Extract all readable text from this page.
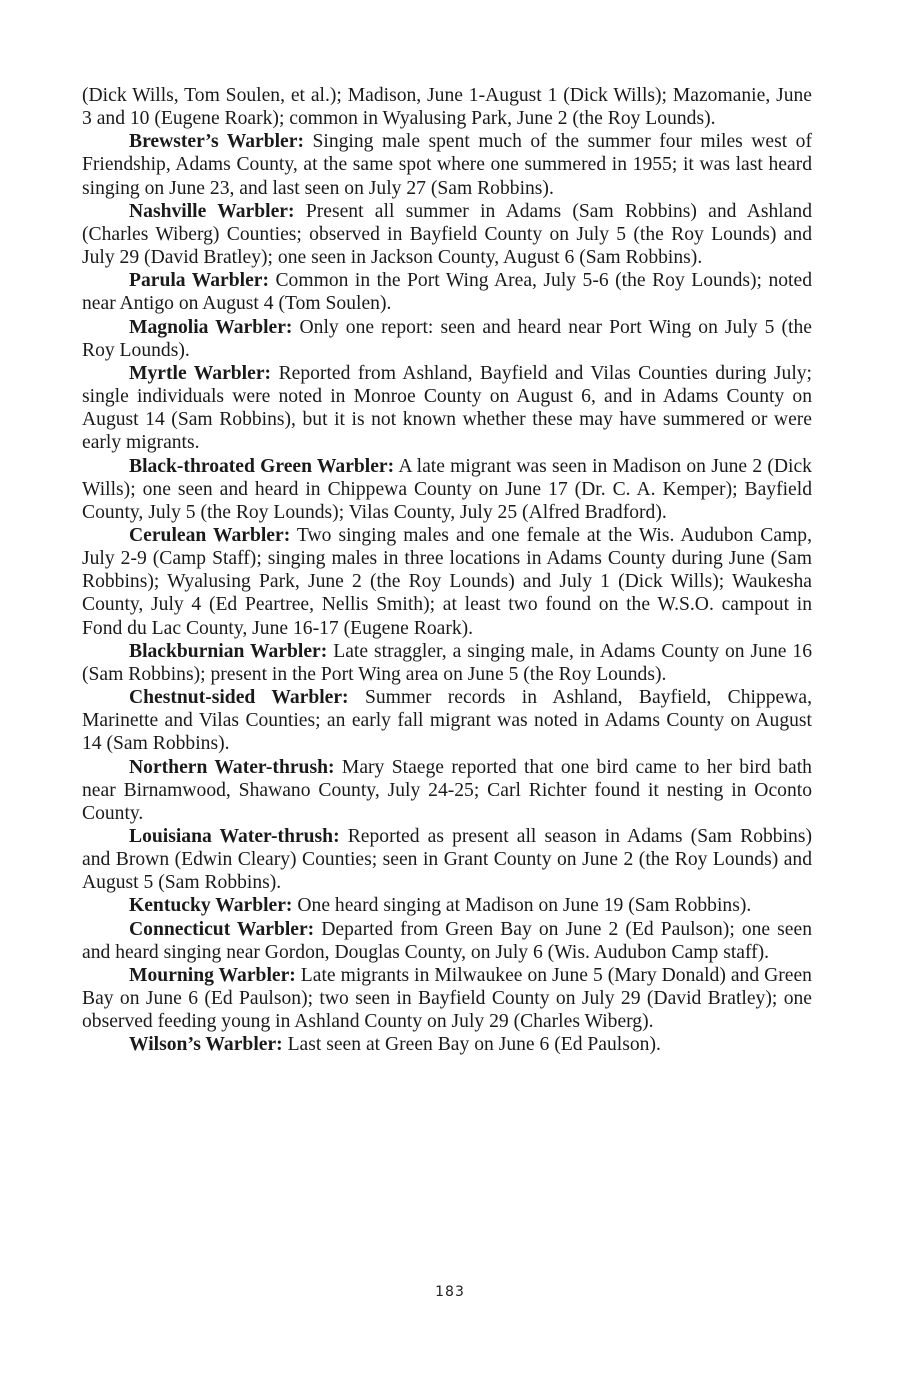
(Dick Wills, Tom Soulen, et al.); Madison, June 1-August 1 (Dick Wills); Mazomanie, June 3 and 10 (Eugene Roark); common in Wyalusing Park, June 2 (the Roy Lounds).

Brewster’s Warbler: Singing male spent much of the summer four miles west of Friendship, Adams County, at the same spot where one summered in 1955; it was last heard singing on June 23, and last seen on July 27 (Sam Robbins).

Nashville Warbler: Present all summer in Adams (Sam Robbins) and Ashland (Charles Wiberg) Counties; observed in Bayfield County on July 5 (the Roy Lounds) and July 29 (David Bratley); one seen in Jackson County, August 6 (Sam Robbins).

Parula Warbler: Common in the Port Wing Area, July 5-6 (the Roy Lounds); noted near Antigo on August 4 (Tom Soulen).

Magnolia Warbler: Only one report: seen and heard near Port Wing on July 5 (the Roy Lounds).

Myrtle Warbler: Reported from Ashland, Bayfield and Vilas Counties during July; single individuals were noted in Monroe County on August 6, and in Adams County on August 14 (Sam Robbins), but it is not known whether these may have summered or were early migrants.

Black-throated Green Warbler: A late migrant was seen in Madison on June 2 (Dick Wills); one seen and heard in Chippewa County on June 17 (Dr. C. A. Kemper); Bayfield County, July 5 (the Roy Lounds); Vilas County, July 25 (Alfred Bradford).

Cerulean Warbler: Two singing males and one female at the Wis. Audubon Camp, July 2-9 (Camp Staff); singing males in three locations in Adams County during June (Sam Robbins); Wyalusing Park, June 2 (the Roy Lounds) and July 1 (Dick Wills); Waukesha County, July 4 (Ed Peartree, Nellis Smith); at least two found on the W.S.O. campout in Fond du Lac County, June 16-17 (Eugene Roark).

Blackburnian Warbler: Late straggler, a singing male, in Adams County on June 16 (Sam Robbins); present in the Port Wing area on June 5 (the Roy Lounds).

Chestnut-sided Warbler: Summer records in Ashland, Bayfield, Chippewa, Marinette and Vilas Counties; an early fall migrant was noted in Adams County on August 14 (Sam Robbins).

Northern Water-thrush: Mary Staege reported that one bird came to her bird bath near Birnamwood, Shawano County, July 24-25; Carl Richter found it nesting in Oconto County.

Louisiana Water-thrush: Reported as present all season in Adams (Sam Robbins) and Brown (Edwin Cleary) Counties; seen in Grant County on June 2 (the Roy Lounds) and August 5 (Sam Robbins).

Kentucky Warbler: One heard singing at Madison on June 19 (Sam Robbins).

Connecticut Warbler: Departed from Green Bay on June 2 (Ed Paulson); one seen and heard singing near Gordon, Douglas County, on July 6 (Wis. Audubon Camp staff).

Mourning Warbler: Late migrants in Milwaukee on June 5 (Mary Donald) and Green Bay on June 6 (Ed Paulson); two seen in Bayfield County on July 29 (David Bratley); one observed feeding young in Ashland County on July 29 (Charles Wiberg).

Wilson’s Warbler: Last seen at Green Bay on June 6 (Ed Paulson).

183
